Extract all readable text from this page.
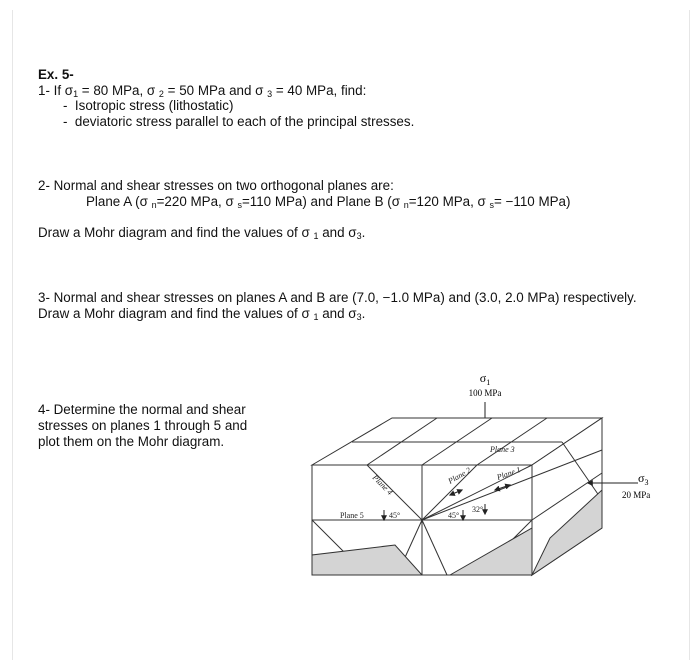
Ex. 5-
1- If $\sigma_1 = 80$ MPa, σ $_2$ = 50 MPa and σ $_3$ = 40 MPa, find:
-  Isotropic stress (lithostatic)
-  deviatoric stress parallel to each of the principal stresses.
2- Normal and shear stresses on two orthogonal planes are:
Plane A (σ $_n$=220 MPa, σ $_s$=110 MPa) and Plane B (σ $_n$=120 MPa, σ $_s$= −110 MPa)
Draw a Mohr diagram and find the values of σ $_1$ and $\sigma_3$.
3- Normal and shear stresses on planes A and B are (7.0, −1.0 MPa) and (3.0, 2.0 MPa) respectively.
Draw a Mohr diagram and find the values of σ $_1$ and $\sigma_3$.
4- Determine the normal and shear
stresses on planes 1 through 5 and
plot them on the Mohr diagram.
$\sigma_1$
100 MPa
Plane 3
Plane 4	Plane 2	Plane 1
Plane 5	45°	45°
32°
$\sigma_3$
20 MPa
